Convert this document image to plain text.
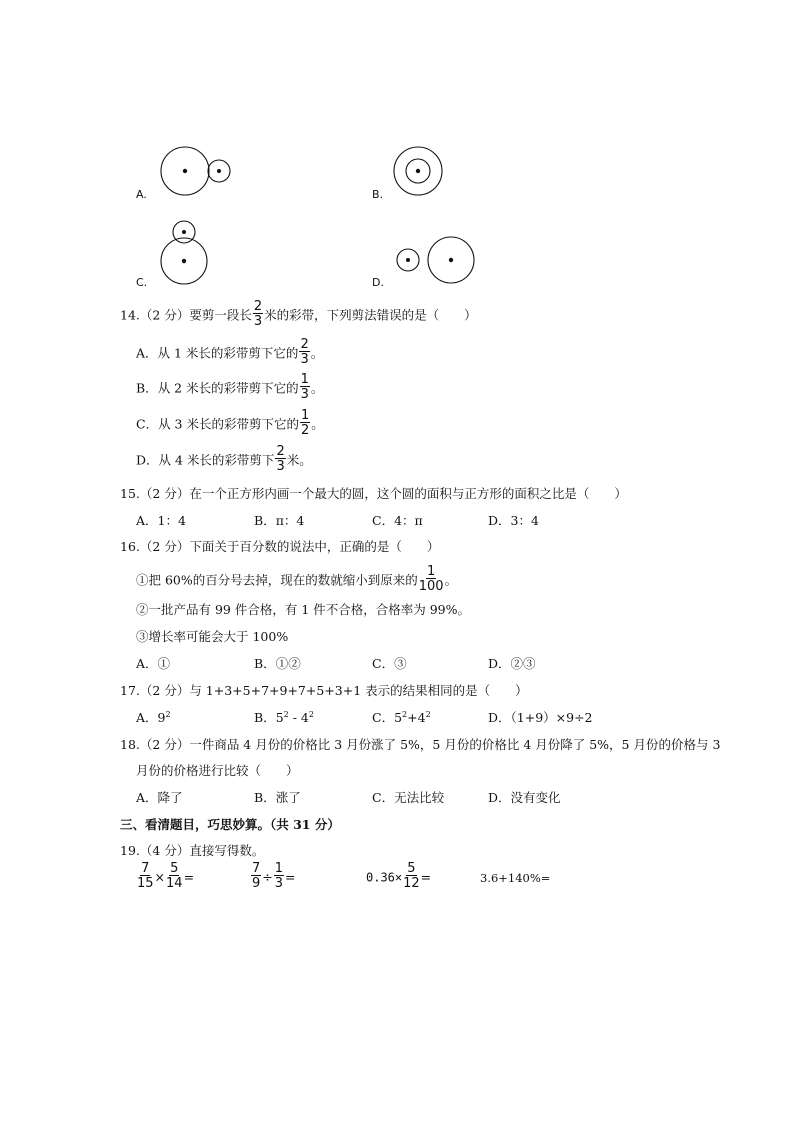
A.	B.
C.	D.
14.（2 分）要剪一段长 $\frac{2}{3}$ 米的彩带，下列剪法错误的是（　　）
A．从 1 米长的彩带剪下它的 $\frac{2}{3}$ 。
B．从 2 米长的彩带剪下它的 $\frac{1}{3}$ 。
C．从 3 米长的彩带剪下它的 $\frac{1}{2}$ 。
D．从 4 米长的彩带剪下 $\frac{2}{3}$ 米。
15.（2 分）在一个正方形内画一个最大的圆，这个圆的面积与正方形的面积之比是（　　）
A．1：4	B．π：4	C．4：π	D．3：4
16.（2 分）下面关于百分数的说法中，正确的是（　　）
①把 60%的百分号去掉，现在的数就缩小到原来的 $\frac{1}{100}$ 。
②一批产品有 99 件合格，有 1 件不合格，合格率为 99%。
③增长率可能会大于 100%
A．①	B．①②	C．③	D．②③
17.（2 分）与 1+3+5+7+9+7+5+3+1 表示的结果相同的是（　　）
A．$9^2$	B．$5^2 - 4^2$	C．$5^2+4^2$	D．（1+9）×9÷2
18.（2 分）一件商品 4 月份的价格比 3 月份涨了 5%，5 月份的价格比 4 月份降了 5%，5 月份的价格与 3
月份的价格进行比较（　　）
A．降了	B．涨了	C．无法比较	D．没有变化
三、看清题目，巧思妙算。（共 31 分）
19.（4 分）直接写得数。
$\frac{7}{15} \times \frac{5}{14}$ =	$\frac{7}{9} \div \frac{1}{3}$ =	$0.36\times \frac{5}{12}$ =	3.6+140%=
